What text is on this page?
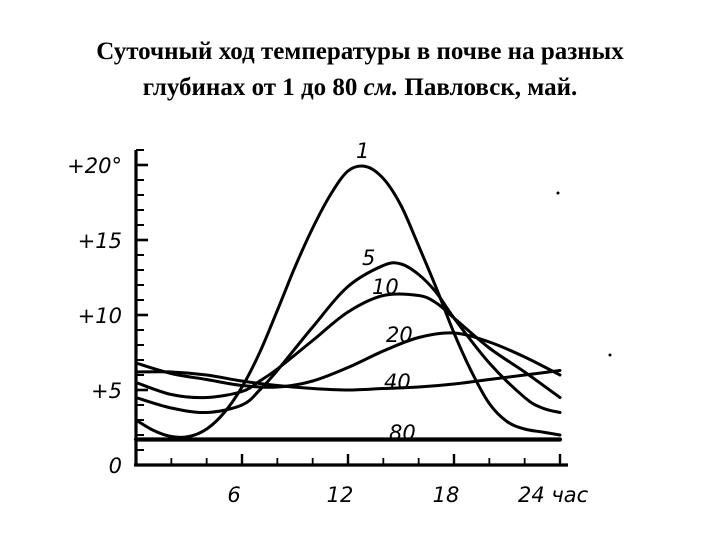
Суточный ход температуры в почве на разных
глубинах от 1 до 80 см. Павловск, май.
0
+5
+10
+15
+20°
6	12	18	24 час
1
5
10
20
40
80
